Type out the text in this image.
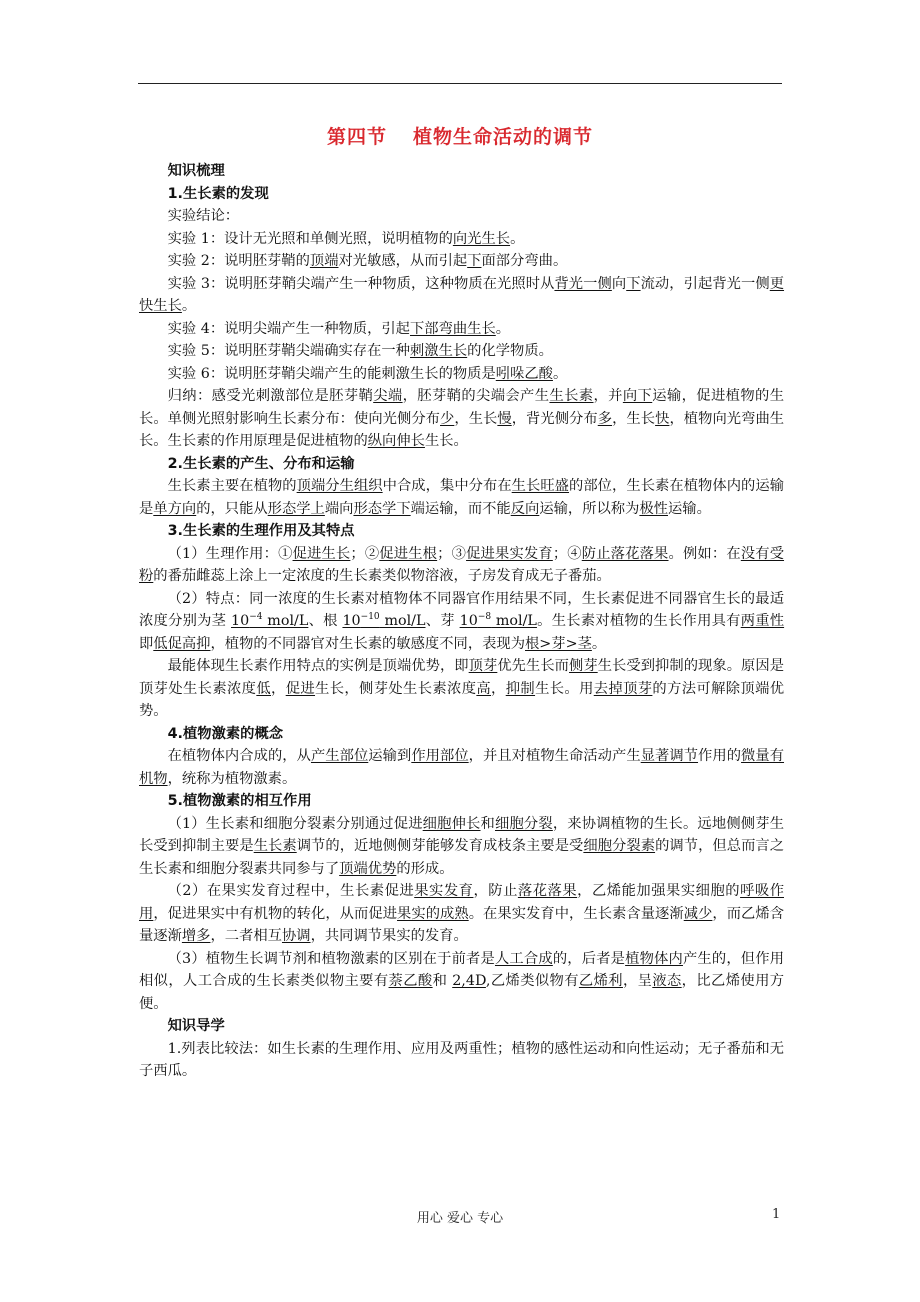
第四节 植物生命活动的调节

知识梳理

1.生长素的发现

实验结论：

实验 1：设计无光照和单侧光照，说明植物的向光生长。

实验 2：说明胚芽鞘的顶端对光敏感，从而引起下面部分弯曲。

实验 3：说明胚芽鞘尖端产生一种物质，这种物质在光照时从背光一侧向下流动，引起背光一侧更快生长。

实验 4：说明尖端产生一种物质，引起下部弯曲生长。

实验 5：说明胚芽鞘尖端确实存在一种刺激生长的化学物质。

实验 6：说明胚芽鞘尖端产生的能刺激生长的物质是吲哚乙酸。

归纳：感受光刺激部位是胚芽鞘尖端，胚芽鞘的尖端会产生生长素，并向下运输，促进植物的生长。单侧光照射影响生长素分布：使向光侧分布少，生长慢，背光侧分布多，生长快，植物向光弯曲生长。生长素的作用原理是促进植物的纵向伸长生长。

2.生长素的产生、分布和运输

生长素主要在植物的顶端分生组织中合成，集中分布在生长旺盛的部位，生长素在植物体内的运输是单方向的，只能从形态学上端向形态学下端运输，而不能反向运输，所以称为极性运输。

3.生长素的生理作用及其特点

（1）生理作用：①促进生长；②促进生根；③促进果实发育；④防止落花落果。例如：在没有受粉的番茄雌蕊上涂上一定浓度的生长素类似物溶液，子房发育成无子番茄。

（2）特点：同一浓度的生长素对植物体不同器官作用结果不同，生长素促进不同器官生长的最适浓度分别为茎 $10^{-4}$ mol/L、根 $10^{-10}$ mol/L、芽 $10^{-8}$ mol/L。生长素对植物的生长作用具有两重性即低促高抑，植物的不同器官对生长素的敏感度不同，表现为根>芽>茎。

最能体现生长素作用特点的实例是顶端优势，即顶芽优先生长而侧芽生长受到抑制的现象。原因是顶芽处生长素浓度低，促进生长，侧芽处生长素浓度高，抑制生长。用去掉顶芽的方法可解除顶端优势。

4.植物激素的概念

在植物体内合成的，从产生部位运输到作用部位，并且对植物生命活动产生显著调节作用的微量有机物，统称为植物激素。

5.植物激素的相互作用

（1）生长素和细胞分裂素分别通过促进细胞伸长和细胞分裂，来协调植物的生长。远地侧侧芽生长受到抑制主要是生长素调节的，近地侧侧芽能够发育成枝条主要是受细胞分裂素的调节，但总而言之生长素和细胞分裂素共同参与了顶端优势的形成。

（2）在果实发育过程中，生长素促进果实发育，防止落花落果，乙烯能加强果实细胞的呼吸作用，促进果实中有机物的转化，从而促进果实的成熟。在果实发育中，生长素含量逐渐减少，而乙烯含量逐渐增多，二者相互协调，共同调节果实的发育。

（3）植物生长调节剂和植物激素的区别在于前者是人工合成的，后者是植物体内产生的，但作用相似，人工合成的生长素类似物主要有萘乙酸和 2,4D,乙烯类似物有乙烯利，呈液态，比乙烯使用方便。

知识导学

1.列表比较法：如生长素的生理作用、应用及两重性；植物的感性运动和向性运动；无子番茄和无子西瓜。

用心 爱心 专心	1
